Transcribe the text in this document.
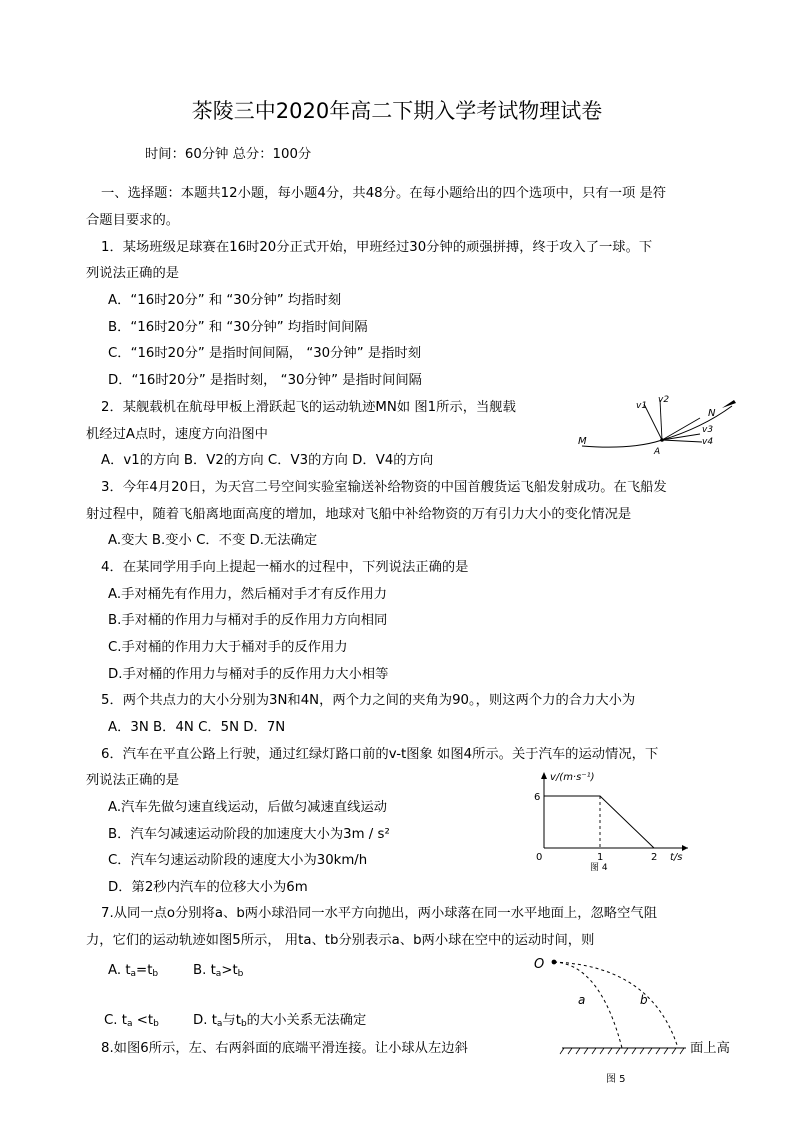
茶陵三中2020年高二下期入学考试物理试卷
时间：60分钟 总分：100分
一、选择题：本题共12小题，每小题4分，共48分。在每小题给出的四个选项中，只有一项 是符
合题目要求的。
1．某场班级足球赛在16时20分正式开始，甲班经过30分钟的顽强拼搏，终于攻入了一球。下
列说法正确的是
A．“16时20分” 和 “30分钟” 均指时刻
B．“16时20分” 和 “30分钟” 均指时间间隔
C．“16时20分” 是指时间间隔， “30分钟” 是指时刻
D．“16时20分” 是指时刻， “30分钟” 是指时间间隔
2．某舰载机在航母甲板上滑跃起飞的运动轨迹MN如 图1所示，当舰载
机经过A点时，速度方向沿图中
A．v1的方向 B．V2的方向 C．V3的方向 D．V4的方向
v1
v2
v3
v4
M
N
A
3．今年4月20日，为天宫二号空间实验室输送补给物资的中国首艘货运飞船发射成功。在飞船发
射过程中，随着飞船离地面高度的增加，地球对飞船中补给物资的万有引力大小的变化情况是
A.变大 B.变小 C．不变 D.无法确定
4．在某同学用手向上提起一桶水的过程中，下列说法正确的是
A.手对桶先有作用力，然后桶对手才有反作用力
B.手对桶的作用力与桶对手的反作用力方向相同
C.手对桶的作用力大于桶对手的反作用力
D.手对桶的作用力与桶对手的反作用力大小相等
5．两个共点力的大小分别为3N和4N，两个力之间的夹角为90。，则这两个力的合力大小为
A．3N B．4N C．5N D．7N
6．汽车在平直公路上行驶，通过红绿灯路口前的v-t图象 如图4所示。关于汽车的运动情况，下
列说法正确的是
A.汽车先做匀速直线运动，后做匀减速直线运动
B．汽车匀减速运动阶段的加速度大小为3m / s²
C．汽车匀速运动阶段的速度大小为30km/h
D．第2秒内汽车的位移大小为6m
v/(m·s⁻¹)
6
0	1	2 t/s
图 4
7.从同一点o分别将a、b两小球沿同一水平方向抛出，两小球落在同一水平地面上，忽略空气阻
力，它们的运动轨迹如图5所示， 用ta、tb分别表示a、b两小球在空中的运动时间，则
A. $t_a=t_b$	B. $t_a>t_b$
C. $t_a <t_b$	D. $t_a$与$t_b$的大小关系无法确定
O
a	b
图 5
8.如图6所示，左、右两斜面的底端平滑连接。让小球从左边斜	面上高
